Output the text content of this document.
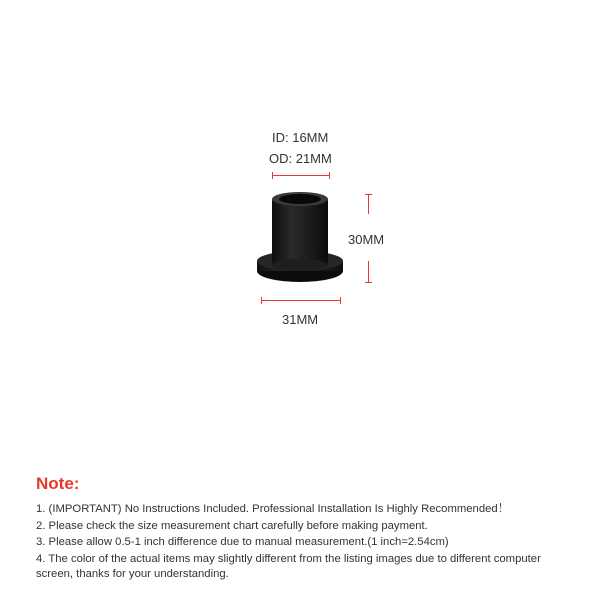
ID: 16MM
OD: 21MM
30MM
31MM
Note:
1. (IMPORTANT) No Instructions Included. Professional Installation Is Highly Recommended！
2. Please check the size measurement chart carefully before making payment.
3. Please allow 0.5-1 inch difference due to manual measurement.(1 inch=2.54cm)
4. The color of the actual items may slightly different from the listing images due to different computer screen, thanks for your understanding.
